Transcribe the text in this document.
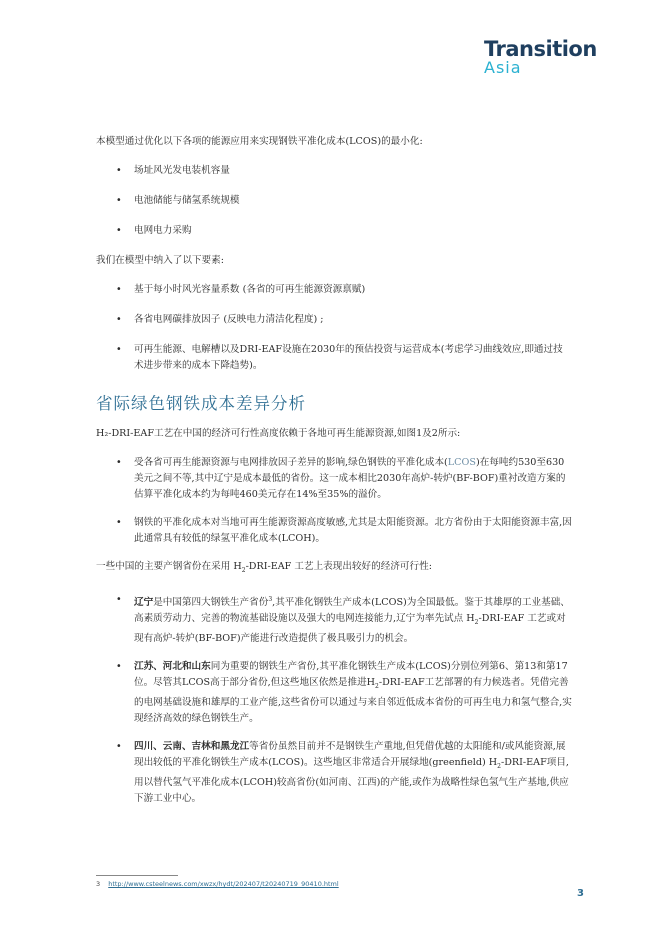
Transition
Asia

本模型通过优化以下各项的能源应用来实现钢铁平准化成本(LCOS)的最小化:

• 场址风光发电装机容量
• 电池储能与储氢系统规模
• 电网电力采购

我们在模型中纳入了以下要素:

• 基于每小时风光容量系数 (各省的可再生能源资源禀赋)
• 各省电网碳排放因子 (反映电力清洁化程度) ;
• 可再生能源、电解槽以及DRI-EAF设施在2030年的预估投资与运营成本(考虑学习曲线效应,即通过技术进步带来的成本下降趋势)。
省际绿色钢铁成本差异分析

H₂-DRI-EAF工艺在中国的经济可行性高度依赖于各地可再生能源资源,如图1及2所示:

• 受各省可再生能源资源与电网排放因子差异的影响,绿色钢铁的平准化成本(LCOS)在每吨约530至630美元之间不等,其中辽宁是成本最低的省份。这一成本相比2030年高炉-转炉(BF-BOF)重衬改造方案的估算平准化成本约为每吨460美元存在14%至35%的溢价。
• 钢铁的平准化成本对当地可再生能源资源高度敏感,尤其是太阳能资源。北方省份由于太阳能资源丰富,因此通常具有较低的绿氢平准化成本(LCOH)。

一些中国的主要产钢省份在采用 $H_2-DRI$-EAF 工艺上表现出较好的经济可行性:

• 辽宁是中国第四大钢铁生产省份$^3$,其平准化钢铁生产成本(LCOS)为全国最低。鉴于其雄厚的工业基础、高素质劳动力、完善的物流基础设施以及强大的电网连接能力,辽宁为率先试点 $H_2-DRI$-EAF 工艺或对现有高炉-转炉(BF-BOF)产能进行改造提供了极具吸引力的机会。
• 江苏、河北和山东同为重要的钢铁生产省份,其平准化钢铁生产成本(LCOS)分别位列第6、第13和第17位。尽管其LCOS高于部分省份,但这些地区依然是推进$H_2-DRI$-EAF工艺部署的有力候选者。凭借完善的电网基础设施和雄厚的工业产能,这些省份可以通过与来自邻近低成本省份的可再生电力和氢气整合,实现经济高效的绿色钢铁生产。
• 四川、云南、吉林和黑龙江等省份虽然目前并不是钢铁生产重地,但凭借优越的太阳能和/或风能资源,展现出较低的平准化钢铁生产成本(LCOS)。这些地区非常适合开展绿地(greenfield) $H_2-DRI$-EAF项目,用以替代氢气平准化成本(LCOH)较高省份(如河南、江西)的产能,或作为战略性绿色氢气生产基地,供应下游工业中心。
3 http://www.csteelnews.com/xwzx/hydt/202407/t20240719_90410.html
3
